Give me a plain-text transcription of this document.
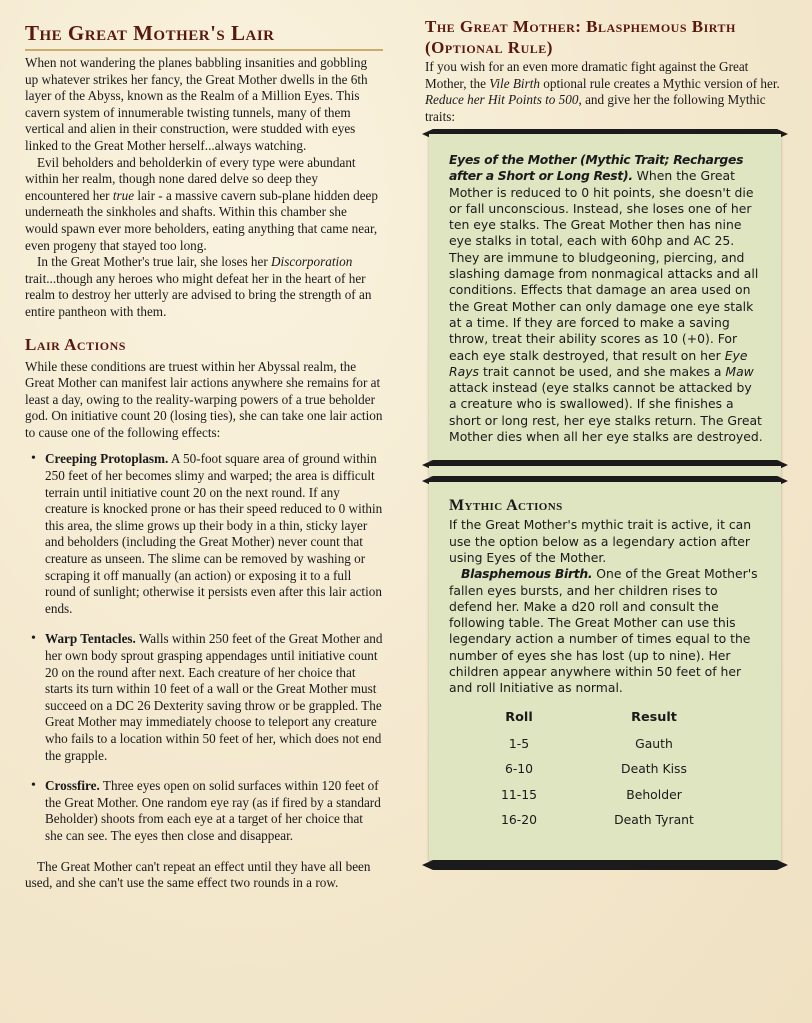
The Great Mother's Lair

When not wandering the planes babbling insanities and gobbling up whatever strikes her fancy, the Great Mother dwells in the 6th layer of the Abyss, known as the Realm of a Million Eyes. This cavern system of innumerable twisting tunnels, many of them vertical and alien in their construction, were studded with eyes linked to the Great Mother herself...always watching.

Evil beholders and beholderkin of every type were abundant within her realm, though none dared delve so deep they encountered her true lair - a massive cavern sub-plane hidden deep underneath the sinkholes and shafts. Within this chamber she would spawn ever more beholders, eating anything that came near, even progeny that stayed too long.

In the Great Mother's true lair, she loses her Discorporation trait...though any heroes who might defeat her in the heart of her realm to destroy her utterly are advised to bring the strength of an entire pantheon with them.

Lair Actions

While these conditions are truest within her Abyssal realm, the Great Mother can manifest lair actions anywhere she remains for at least a day, owing to the reality-warping powers of a true beholder god. On initiative count 20 (losing ties), she can take one lair action to cause one of the following effects:

• Creeping Protoplasm. A 50-foot square area of ground within 250 feet of her becomes slimy and warped; the area is difficult terrain until initiative count 20 on the next round. If any creature is knocked prone or has their speed reduced to 0 within this area, the slime grows up their body in a thin, sticky layer and beholders (including the Great Mother) never count that creature as unseen. The slime can be removed by washing or scraping it off manually (an action) or exposing it to a full round of sunlight; otherwise it persists even after this lair action ends.
• Warp Tentacles. Walls within 250 feet of the Great Mother and her own body sprout grasping appendages until initiative count 20 on the round after next. Each creature of her choice that starts its turn within 10 feet of a wall or the Great Mother must succeed on a DC 26 Dexterity saving throw or be grappled. The Great Mother may immediately choose to teleport any creature who fails to a location within 50 feet of her, which does not end the grapple.
• Crossfire. Three eyes open on solid surfaces within 120 feet of the Great Mother. One random eye ray (as if fired by a standard Beholder) shoots from each eye at a target of her choice that she can see. The eyes then close and disappear.

The Great Mother can't repeat an effect until they have all been used, and she can't use the same effect two rounds in a row.

The Great Mother: Blasphemous Birth (Optional Rule)

If you wish for an even more dramatic fight against the Great Mother, the Vile Birth optional rule creates a Mythic version of her. Reduce her Hit Points to 500, and give her the following Mythic traits:

Eyes of the Mother (Mythic Trait; Recharges after a Short or Long Rest). When the Great Mother is reduced to 0 hit points, she doesn't die or fall unconscious. Instead, she loses one of her ten eye stalks. The Great Mother then has nine eye stalks in total, each with 60hp and AC 25. They are immune to bludgeoning, piercing, and slashing damage from nonmagical attacks and all conditions. Effects that damage an area used on the Great Mother can only damage one eye stalk at a time. If they are forced to make a saving throw, treat their ability scores as 10 (+0). For each eye stalk destroyed, that result on her Eye Rays trait cannot be used, and she makes a Maw attack instead (eye stalks cannot be attacked by a creature who is swallowed). If she finishes a short or long rest, her eye stalks return. The Great Mother dies when all her eye stalks are destroyed.

Mythic Actions

If the Great Mother's mythic trait is active, it can use the option below as a legendary action after using Eyes of the Mother.

Blasphemous Birth. One of the Great Mother's fallen eyes bursts, and her children rises to defend her. Make a d20 roll and consult the following table. The Great Mother can use this legendary action a number of times equal to the number of eyes she has lost (up to nine). Her children appear anywhere within 50 feet of her and roll Initiative as normal.

Roll	Result
1-5	Gauth
6-10	Death Kiss
11-15	Beholder
16-20	Death Tyrant
